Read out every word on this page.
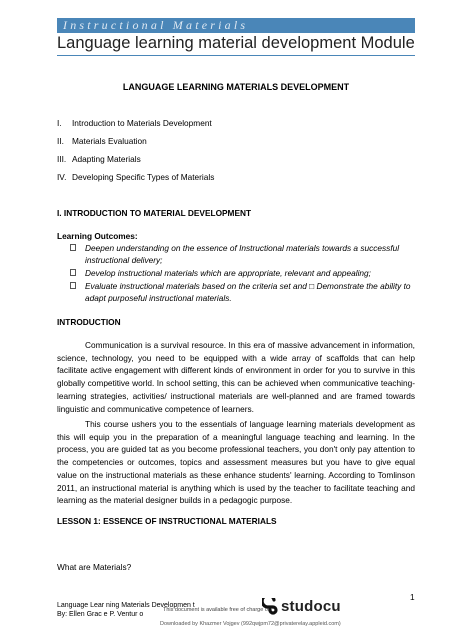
Instructional Materials
Language learning material development Module
LANGUAGE LEARNING MATERIALS DEVELOPMENT
I. Introduction to Materials Development
II. Materials Evaluation
III. Adapting Materials
IV. Developing Specific Types of Materials
I. INTRODUCTION TO MATERIAL DEVELOPMENT
Learning Outcomes:
Deepen understanding on the essence of Instructional materials towards a successful
instructional delivery;
Develop instructional materials which are appropriate, relevant and appealing;
Evaluate instructional materials based on the criteria set and □ Demonstrate the ability to
adapt purposeful instructional materials.
INTRODUCTION
Communication is a survival resource. In this era of massive advancement in information, science, technology, you need to be equipped with a wide array of scaffolds that can help facilitate active engagement with different kinds of environment in order for you to survive in this globally competitive world. In school setting, this can be achieved when communicative teaching-learning strategies, activities/ instructional materials are well-planned and are framed towards linguistic and communicative competence of learners.
This course ushers you to the essentials of language learning materials development as this will equip you in the preparation of a meaningful language teaching and learning. In the process, you are guided tat as you become professional teachers, you don't only pay attention to the competencies or outcomes, topics and assessment measures but you have to give equal value on the instructional materials as these enhance students' learning. According to Tomlinson 2011, an instructional material is anything which is used by the teacher to facilitate teaching and learning as the material designer builds in a pedagogic purpose.
LESSON 1: ESSENCE OF INSTRUCTIONAL MATERIALS
What are Materials?
1
Language Lear ning Materials Developmen t
By: Ellen Grac e P. Ventur o
This document is available free of charge on studocu
Downloaded by Khazmer Vojgev (992qwjpm72@privaterelay.appleid.com)
